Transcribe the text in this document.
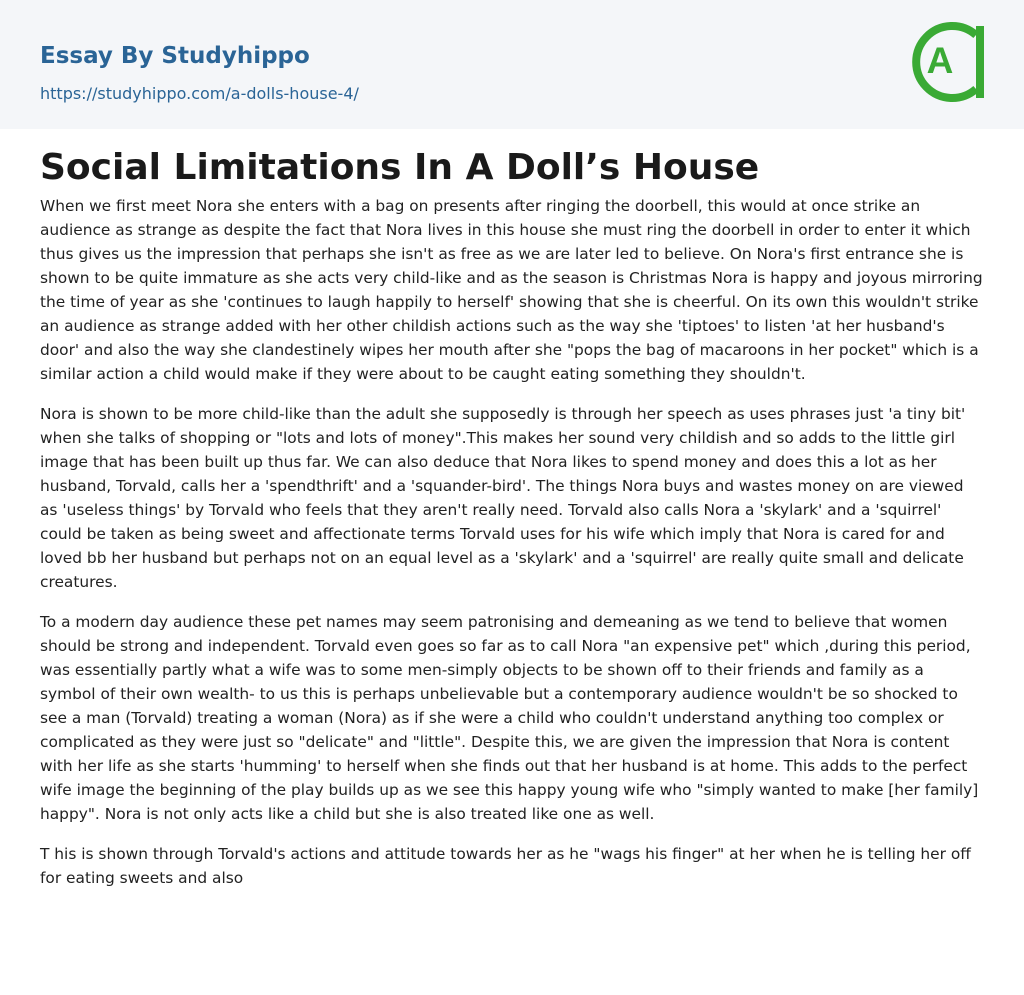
Essay By Studyhippo
https://studyhippo.com/a-dolls-house-4/
A
Social Limitations In A Doll’s House

When we first meet Nora she enters with a bag on presents after ringing the doorbell, this would at once strike an audience as strange as despite the fact that Nora lives in this house she must ring the doorbell in order to enter it which thus gives us the impression that perhaps she isn't as free as we are later led to believe. On Nora's first entrance she is shown to be quite immature as she acts very child-like and as the season is Christmas Nora is happy and joyous mirroring the time of year as she 'continues to laugh happily to herself' showing that she is cheerful. On its own this wouldn't strike an audience as strange added with her other childish actions such as the way she 'tiptoes' to listen 'at her husband's door' and also the way she clandestinely wipes her mouth after she "pops the bag of macaroons in her pocket" which is a similar action a child would make if they were about to be caught eating something they shouldn't.

Nora is shown to be more child-like than the adult she supposedly is through her speech as uses phrases just 'a tiny bit' when she talks of shopping or "lots and lots of money".This makes her sound very childish and so adds to the little girl image that has been built up thus far. We can also deduce that Nora likes to spend money and does this a lot as her husband, Torvald, calls her a 'spendthrift' and a 'squander-bird'. The things Nora buys and wastes money on are viewed as 'useless things' by Torvald who feels that they aren't really need. Torvald also calls Nora a 'skylark' and a 'squirrel' could be taken as being sweet and affectionate terms Torvald uses for his wife which imply that Nora is cared for and loved bb her husband but perhaps not on an equal level as a 'skylark' and a 'squirrel' are really quite small and delicate creatures.

To a modern day audience these pet names may seem patronising and demeaning as we tend to believe that women should be strong and independent. Torvald even goes so far as to call Nora "an expensive pet" which ,during this period, was essentially partly what a wife was to some men-simply objects to be shown off to their friends and family as a symbol of their own wealth- to us this is perhaps unbelievable but a contemporary audience wouldn't be so shocked to see a man (Torvald) treating a woman (Nora) as if she were a child who couldn't understand anything too complex or complicated as they were just so "delicate" and "little". Despite this, we are given the impression that Nora is content with her life as she starts 'humming' to herself when she finds out that her husband is at home. This adds to the perfect wife image the beginning of the play builds up as we see this happy young wife who "simply wanted to make [her family] happy". Nora is not only acts like a child but she is also treated like one as well.

T his is shown through Torvald's actions and attitude towards her as he "wags his finger" at her when he is telling her off for eating sweets and also
